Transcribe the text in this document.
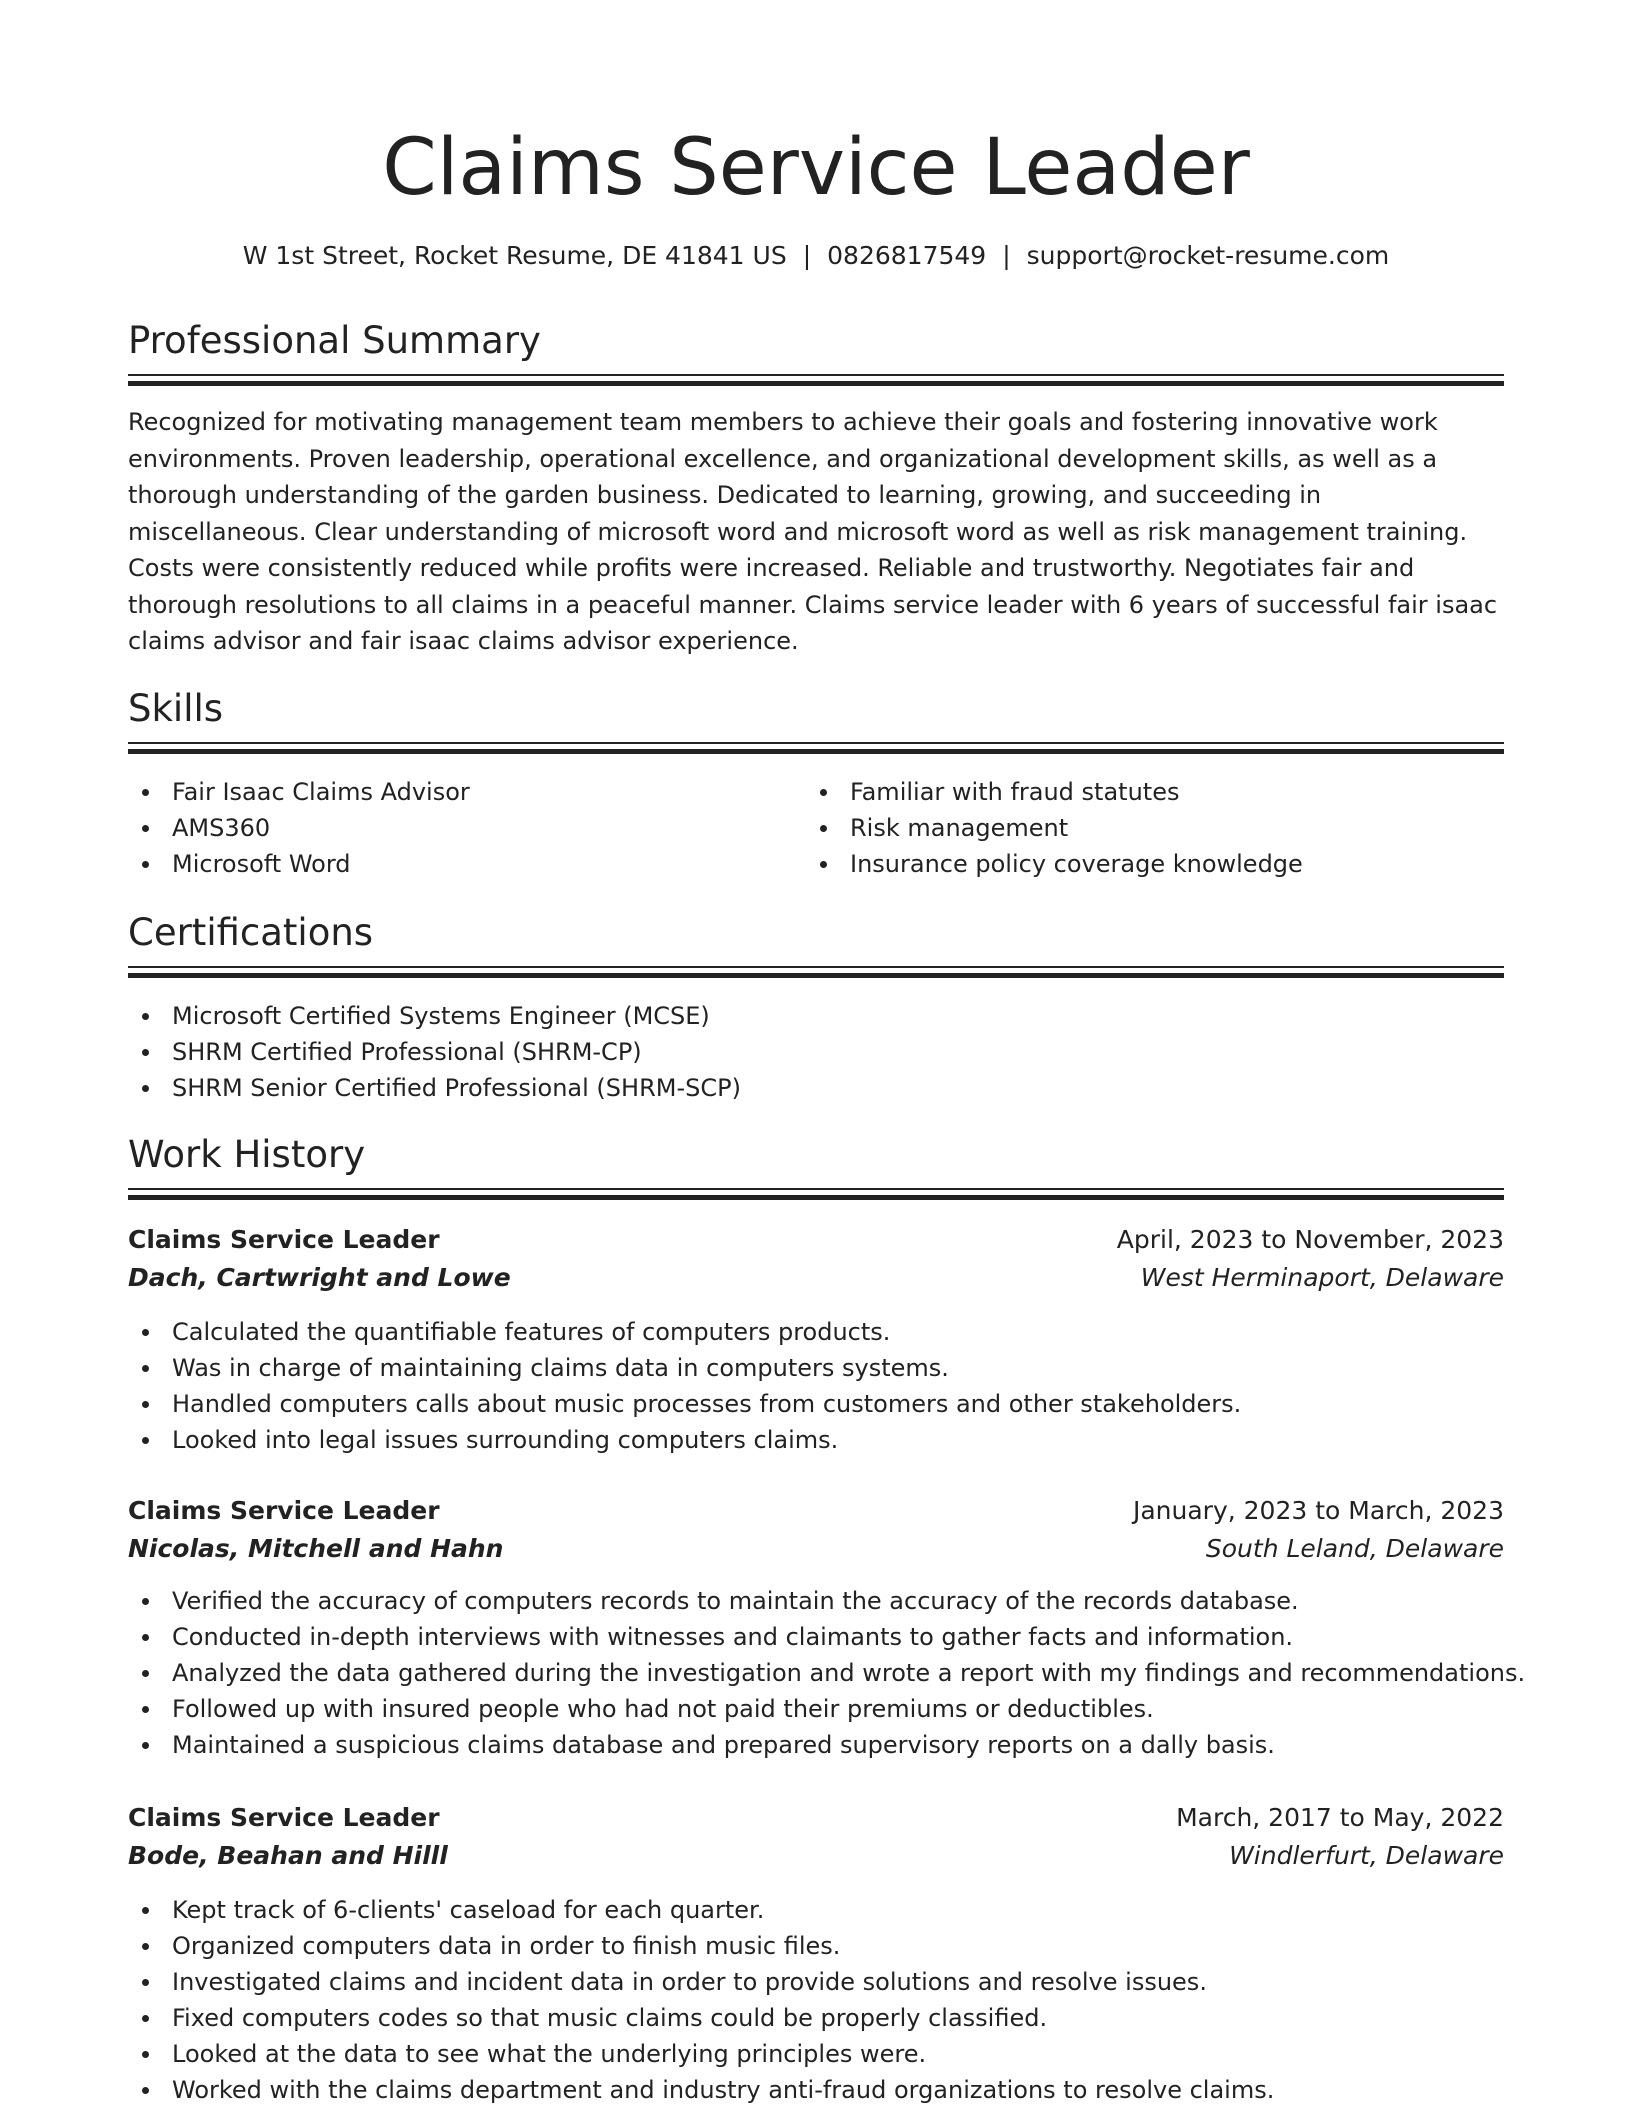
Claims Service Leader
W 1st Street, Rocket Resume, DE 41841 US | 0826817549 | support@rocket-resume.com
Professional Summary

Recognized for motivating management team members to achieve their goals and fostering innovative work environments. Proven leadership, operational excellence, and organizational development skills, as well as a thorough understanding of the garden business. Dedicated to learning, growing, and succeeding in miscellaneous. Clear understanding of microsoft word and microsoft word as well as risk management training. Costs were consistently reduced while profits were increased. Reliable and trustworthy. Negotiates fair and thorough resolutions to all claims in a peaceful manner. Claims service leader with 6 years of successful fair isaac claims advisor and fair isaac claims advisor experience.

Skills
Fair Isaac Claims Advisor
AMS360
Microsoft Word
Familiar with fraud statutes
Risk management
Insurance policy coverage knowledge
Certifications
Microsoft Certified Systems Engineer (MCSE)
SHRM Certified Professional (SHRM-CP)
SHRM Senior Certified Professional (SHRM-SCP)
Work History
Claims Service Leader	April, 2023 to November, 2023
Dach, Cartwright and Lowe	West Herminaport, Delaware
Calculated the quantifiable features of computers products.
Was in charge of maintaining claims data in computers systems.
Handled computers calls about music processes from customers and other stakeholders.
Looked into legal issues surrounding computers claims.
Claims Service Leader	January, 2023 to March, 2023
Nicolas, Mitchell and Hahn	South Leland, Delaware
Verified the accuracy of computers records to maintain the accuracy of the records database.
Conducted in-depth interviews with witnesses and claimants to gather facts and information.
Analyzed the data gathered during the investigation and wrote a report with my findings and recommendations.
Followed up with insured people who had not paid their premiums or deductibles.
Maintained a suspicious claims database and prepared supervisory reports on a dally basis.
Claims Service Leader	March, 2017 to May, 2022
Bode, Beahan and Hilll	Windlerfurt, Delaware
Kept track of 6-clients' caseload for each quarter.
Organized computers data in order to finish music files.
Investigated claims and incident data in order to provide solutions and resolve issues.
Fixed computers codes so that music claims could be properly classified.
Looked at the data to see what the underlying principles were.
Worked with the claims department and industry anti-fraud organizations to resolve claims.
